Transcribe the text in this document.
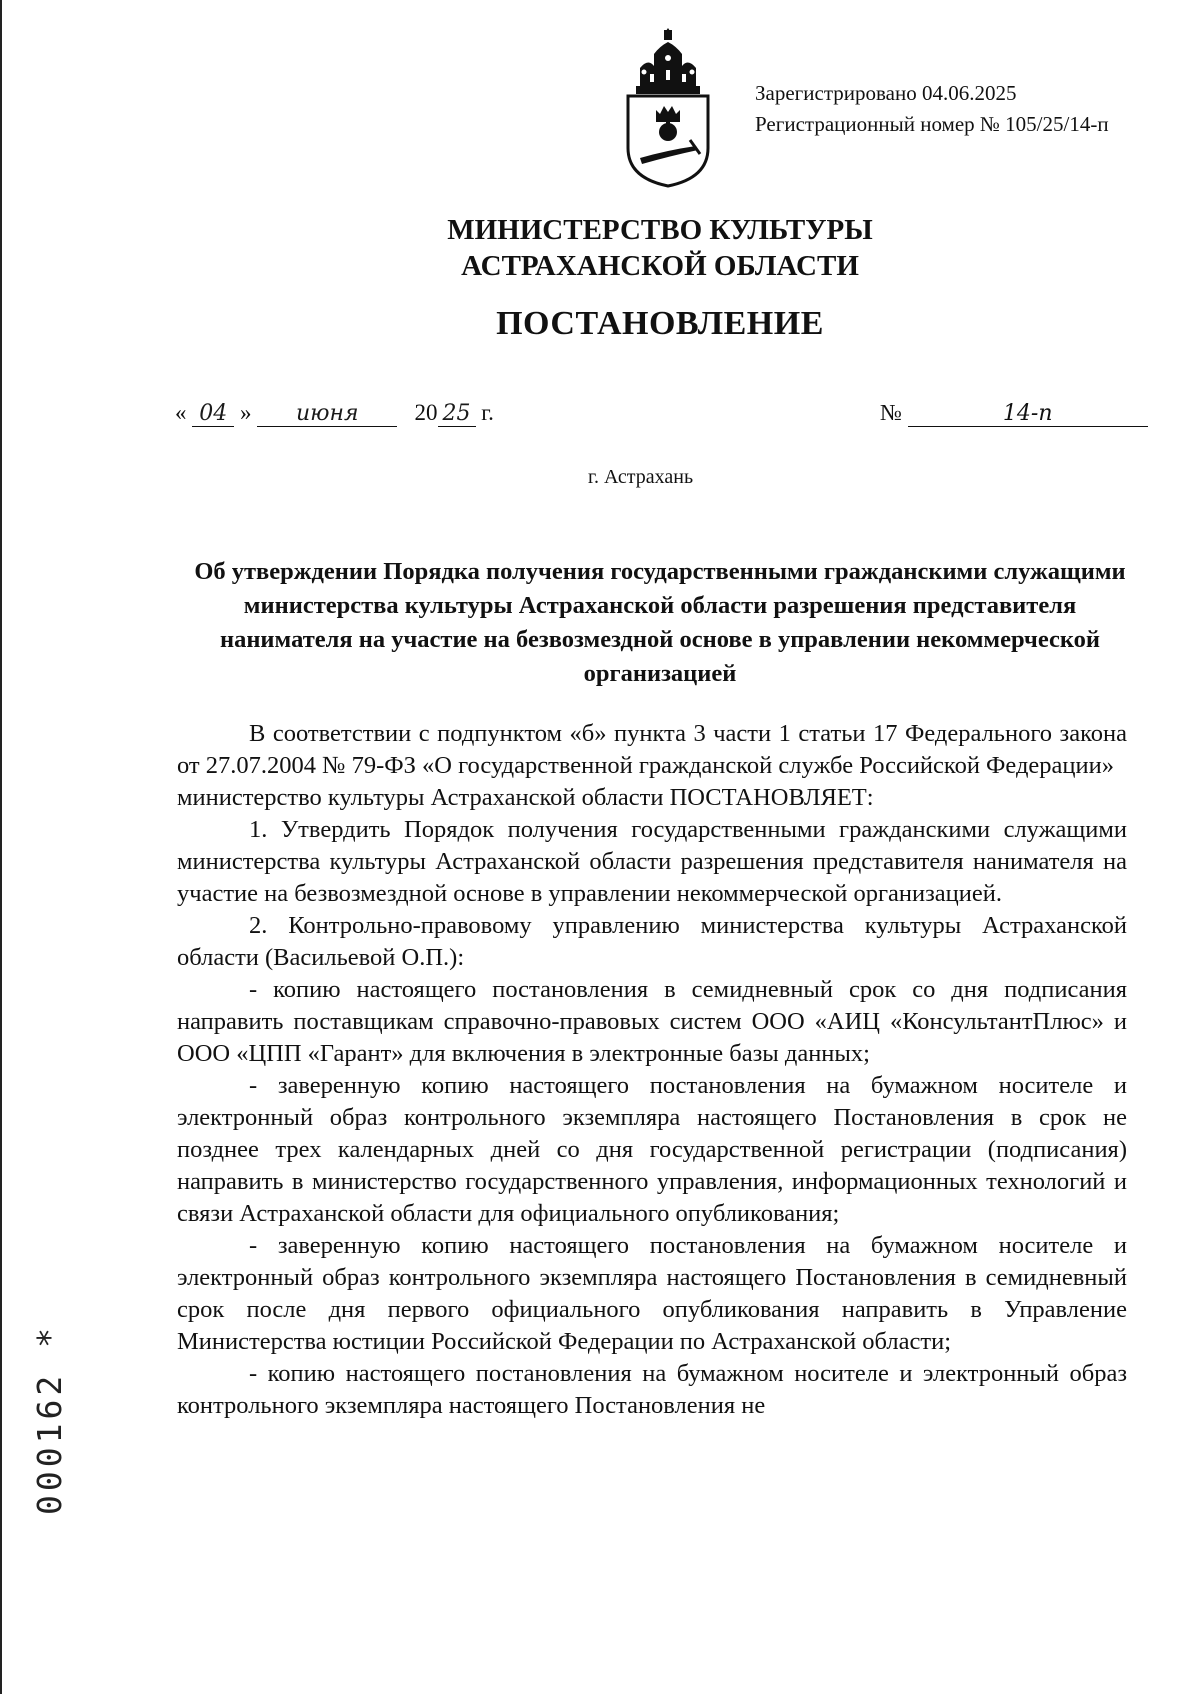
Зарегистрировано 04.06.2025
Регистрационный номер № 105/25/14-п
МИНИСТЕРСТВО КУЛЬТУРЫ
АСТРАХАНСКОЙ ОБЛАСТИ
ПОСТАНОВЛЕНИЕ
« 04 » июня 20 25 г.	№	14-п
г. Астрахань
Об утверждении Порядка получения государственными гражданскими служащими министерства культуры Астраханской области разрешения представителя нанимателя на участие на безвозмездной основе в управлении некоммерческой организацией

В соответствии с подпунктом «б» пункта 3 части 1 статьи 17 Федерального закона от 27.07.2004 № 79-ФЗ «О государственной гражданской службе Российской Федерации»

министерство культуры Астраханской области ПОСТАНОВЛЯЕТ:

1. Утвердить Порядок получения государственными гражданскими служащими министерства культуры Астраханской области разрешения представителя нанимателя на участие на безвозмездной основе в управлении некоммерческой организацией.

2. Контрольно-правовому управлению министерства культуры Астраханской области (Васильевой О.П.):

- копию настоящего постановления в семидневный срок со дня подписания направить поставщикам справочно-правовых систем ООО «АИЦ «КонсультантПлюс» и ООО «ЦПП «Гарант» для включения в электронные базы данных;

- заверенную копию настоящего постановления на бумажном носителе и электронный образ контрольного экземпляра настоящего Постановления в срок не позднее трех календарных дней со дня государственной регистрации (подписания) направить в министерство государственного управления, информационных технологий и связи Астраханской области для официального опубликования;

- заверенную копию настоящего постановления на бумажном носителе и электронный образ контрольного экземпляра настоящего Постановления в семидневный срок после дня первого официального опубликования направить в Управление Министерства юстиции Российской Федерации по Астраханской области;

- копию настоящего постановления на бумажном носителе и электронный образ контрольного экземпляра настоящего Постановления не

000162 *
